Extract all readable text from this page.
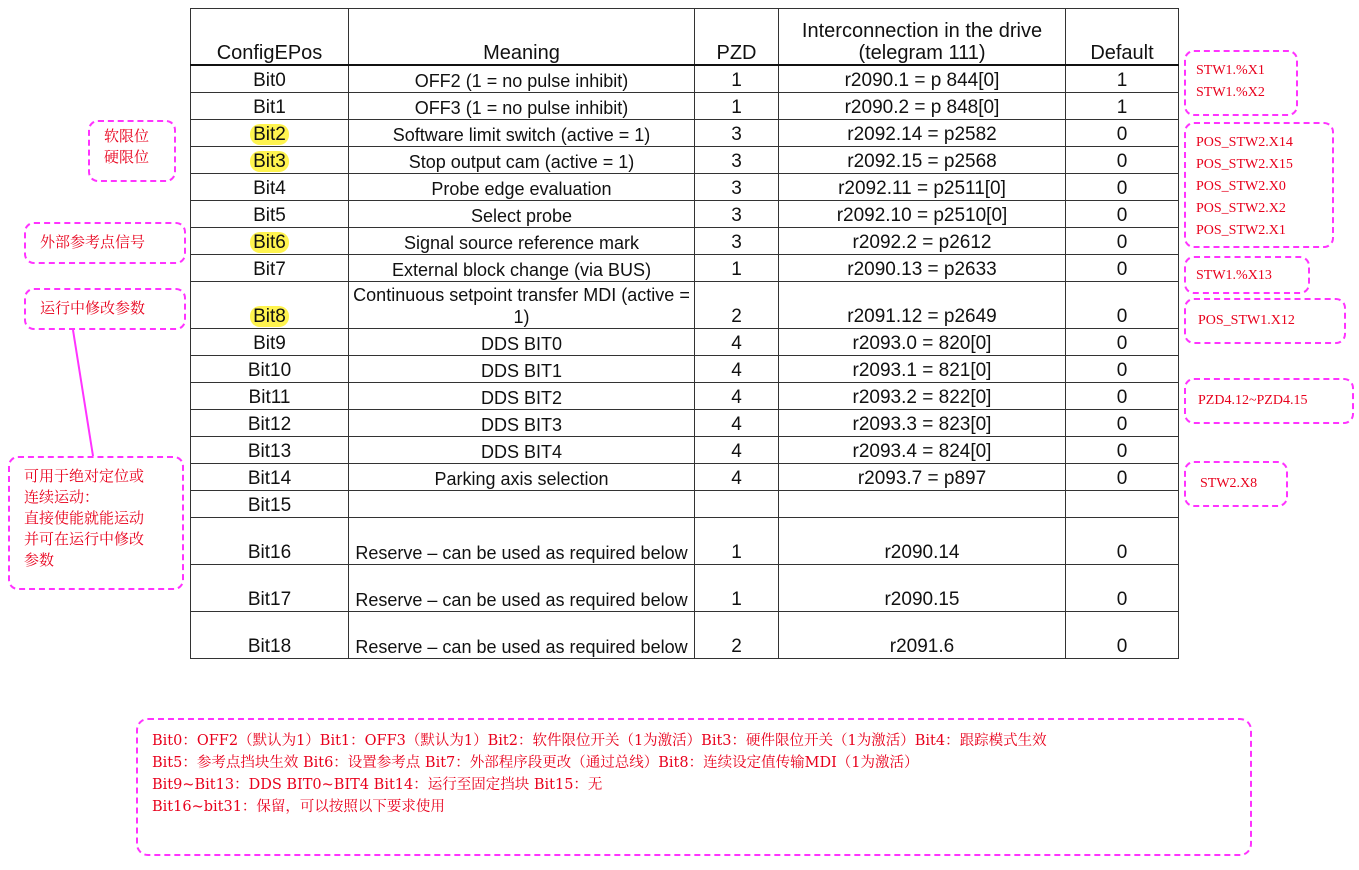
ConfigEPos	Meaning	PZD	Interconnection in the drive (telegram 111)	Default
Bit0	OFF2 (1 = no pulse inhibit)	1	r2090.1 = p 844[0]	1
Bit1	OFF3 (1 = no pulse inhibit)	1	r2090.2 = p 848[0]	1
Bit2	Software limit switch (active = 1)	3	r2092.14 = p2582	0
Bit3	Stop output cam (active = 1)	3	r2092.15 = p2568	0
Bit4	Probe edge evaluation	3	r2092.11 = p2511[0]	0
Bit5	Select probe	3	r2092.10 = p2510[0]	0
Bit6	Signal source reference mark	3	r2092.2 = p2612	0
Bit7	External block change (via BUS)	1	r2090.13 = p2633	0
Bit8	Continuous setpoint transfer MDI (active = 1)	2	r2091.12 = p2649	0
Bit9	DDS BIT0	4	r2093.0 = 820[0]	0
Bit10	DDS BIT1	4	r2093.1 = 821[0]	0
Bit11	DDS BIT2	4	r2093.2 = 822[0]	0
Bit12	DDS BIT3	4	r2093.3 = 823[0]	0
Bit13	DDS BIT4	4	r2093.4 = 824[0]	0
Bit14	Parking axis selection	4	r2093.7 = p897	0
Bit15				
Bit16	Reserve – can be used as required below	1	r2090.14	0
Bit17	Reserve – can be used as required below	1	r2090.15	0
Bit18	Reserve – can be used as required below	2	r2091.6	0
软限位
硬限位
外部参考点信号
运行中修改参数
可用于绝对定位或
连续运动：
直接使能就能运动
并可在运行中修改
参数
STW1.%X1
STW1.%X2
POS_STW2.X14
POS_STW2.X15
POS_STW2.X0
POS_STW2.X2
POS_STW2.X1
STW1.%X13
POS_STW1.X12
PZD4.12~PZD4.15
STW2.X8
Bit0：OFF2（默认为1）Bit1：OFF3（默认为1）Bit2：软件限位开关（1为激活）Bit3：硬件限位开关（1为激活）Bit4：跟踪模式生效
Bit5：参考点挡块生效 Bit6：设置参考点 Bit7：外部程序段更改（通过总线）Bit8：连续设定值传输MDI（1为激活）
Bit9~Bit13：DDS BIT0~BIT4 Bit14：运行至固定挡块 Bit15：无
Bit16~bit31：保留，可以按照以下要求使用
